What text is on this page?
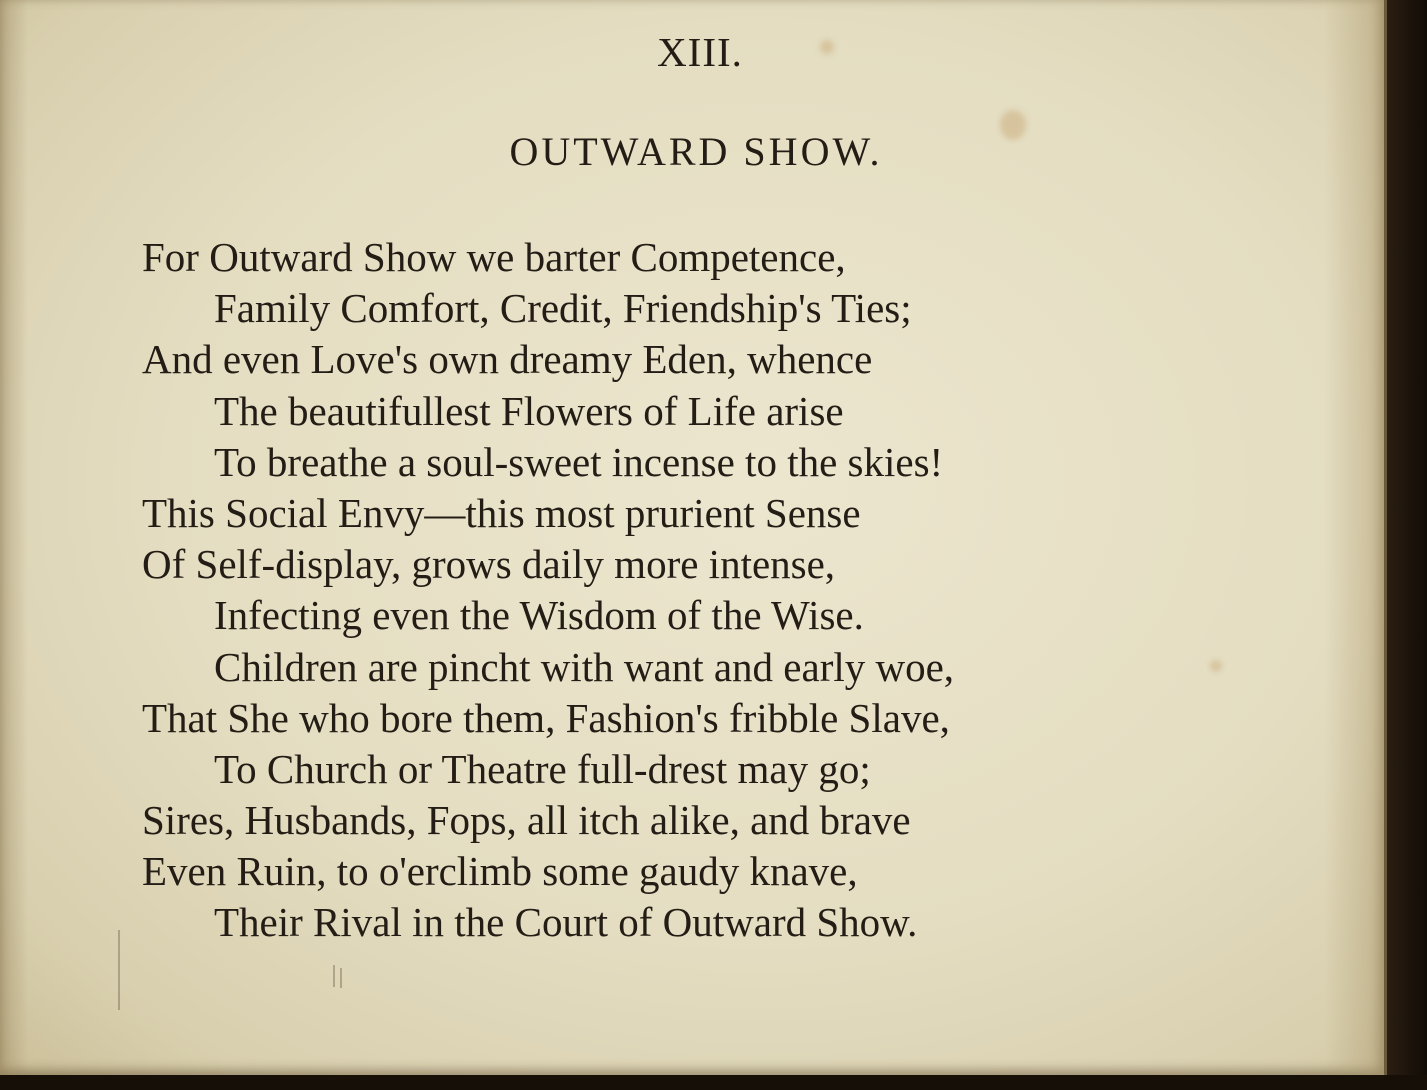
XIII.
OUTWARD SHOW.
For Outward Show we barter Competence,
Family Comfort, Credit, Friendship's Ties;
And even Love's own dreamy Eden, whence
The beautifullest Flowers of Life arise
To breathe a soul-sweet incense to the skies!
This Social Envy—this most prurient Sense
Of Self-display, grows daily more intense,
Infecting even the Wisdom of the Wise.
Children are pincht with want and early woe,
That She who bore them, Fashion's fribble Slave,
To Church or Theatre full-drest may go;
Sires, Husbands, Fops, all itch alike, and brave
Even Ruin, to o'erclimb some gaudy knave,
Their Rival in the Court of Outward Show.
